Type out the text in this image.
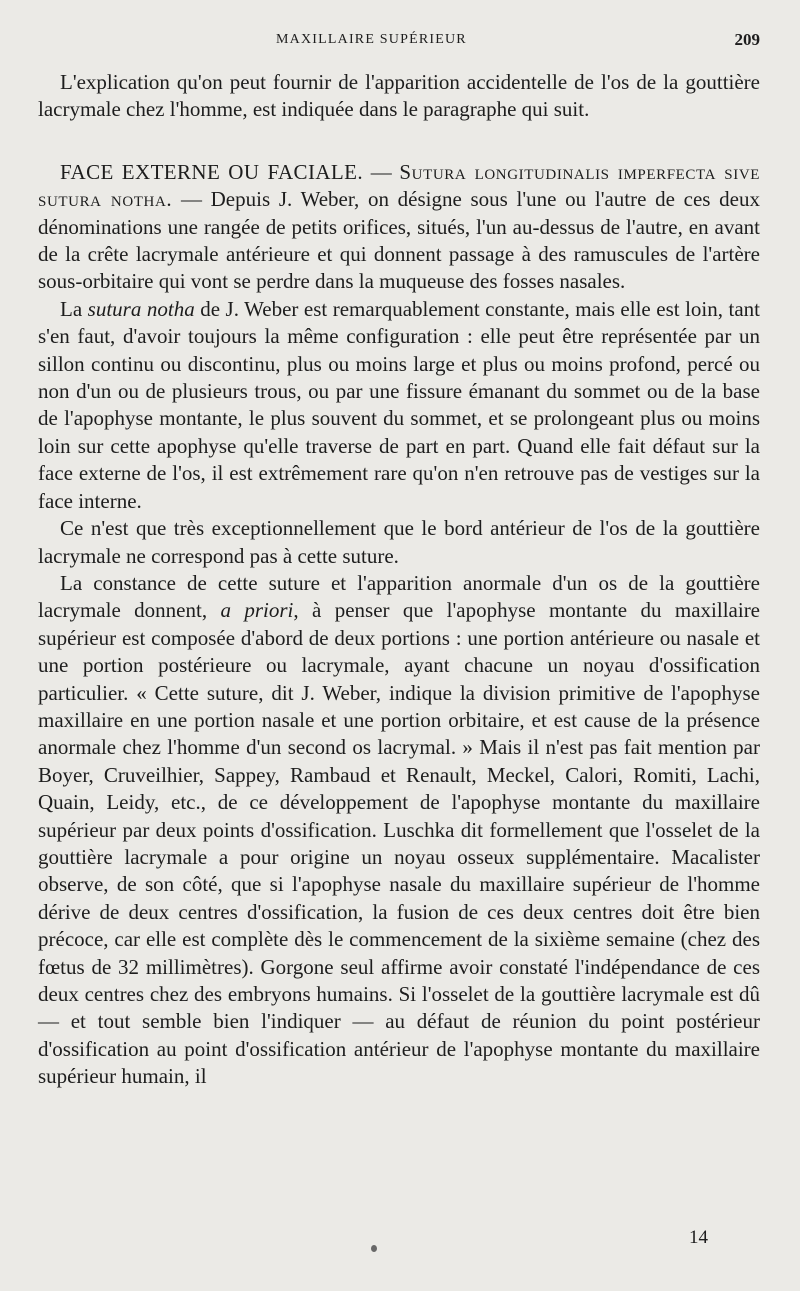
MAXILLAIRE SUPÉRIEUR	209

L'explication qu'on peut fournir de l'apparition accidentelle de l'os de la gouttière lacrymale chez l'homme, est indiquée dans le paragraphe qui suit.

FACE EXTERNE OU FACIALE. — Sutura longitudinalis imperfecta sive sutura notha. — Depuis J. Weber, on désigne sous l'une ou l'autre de ces deux dénominations une rangée de petits orifices, situés, l'un au-dessus de l'autre, en avant de la crête lacrymale antérieure et qui donnent passage à des ramuscules de l'artère sous-orbitaire qui vont se perdre dans la muqueuse des fosses nasales.

La sutura notha de J. Weber est remarquablement constante, mais elle est loin, tant s'en faut, d'avoir toujours la même configuration : elle peut être représentée par un sillon continu ou discontinu, plus ou moins large et plus ou moins profond, percé ou non d'un ou de plusieurs trous, ou par une fissure émanant du sommet ou de la base de l'apophyse montante, le plus souvent du sommet, et se prolongeant plus ou moins loin sur cette apophyse qu'elle traverse de part en part. Quand elle fait défaut sur la face externe de l'os, il est extrêmement rare qu'on n'en retrouve pas de vestiges sur la face interne.

Ce n'est que très exceptionnellement que le bord antérieur de l'os de la gouttière lacrymale ne correspond pas à cette suture.

La constance de cette suture et l'apparition anormale d'un os de la gouttière lacrymale donnent, a priori, à penser que l'apophyse montante du maxillaire supérieur est composée d'abord de deux portions : une portion antérieure ou nasale et une portion postérieure ou lacrymale, ayant chacune un noyau d'ossification particulier. « Cette suture, dit J. Weber, indique la division primitive de l'apophyse maxillaire en une portion nasale et une portion orbitaire, et est cause de la présence anormale chez l'homme d'un second os lacrymal. » Mais il n'est pas fait mention par Boyer, Cruveilhier, Sappey, Rambaud et Renault, Meckel, Calori, Romiti, Lachi, Quain, Leidy, etc., de ce développement de l'apophyse montante du maxillaire supérieur par deux points d'ossification. Luschka dit formellement que l'osselet de la gouttière lacrymale a pour origine un noyau osseux supplémentaire. Macalister observe, de son côté, que si l'apophyse nasale du maxillaire supérieur de l'homme dérive de deux centres d'ossification, la fusion de ces deux centres doit être bien précoce, car elle est complète dès le commencement de la sixième semaine (chez des fœtus de 32 millimètres). Gorgone seul affirme avoir constaté l'indépendance de ces deux centres chez des embryons humains. Si l'osselet de la gouttière lacrymale est dû — et tout semble bien l'indiquer — au défaut de réunion du point postérieur d'ossification au point d'ossification antérieur de l'apophyse montante du maxillaire supérieur humain, il

14
